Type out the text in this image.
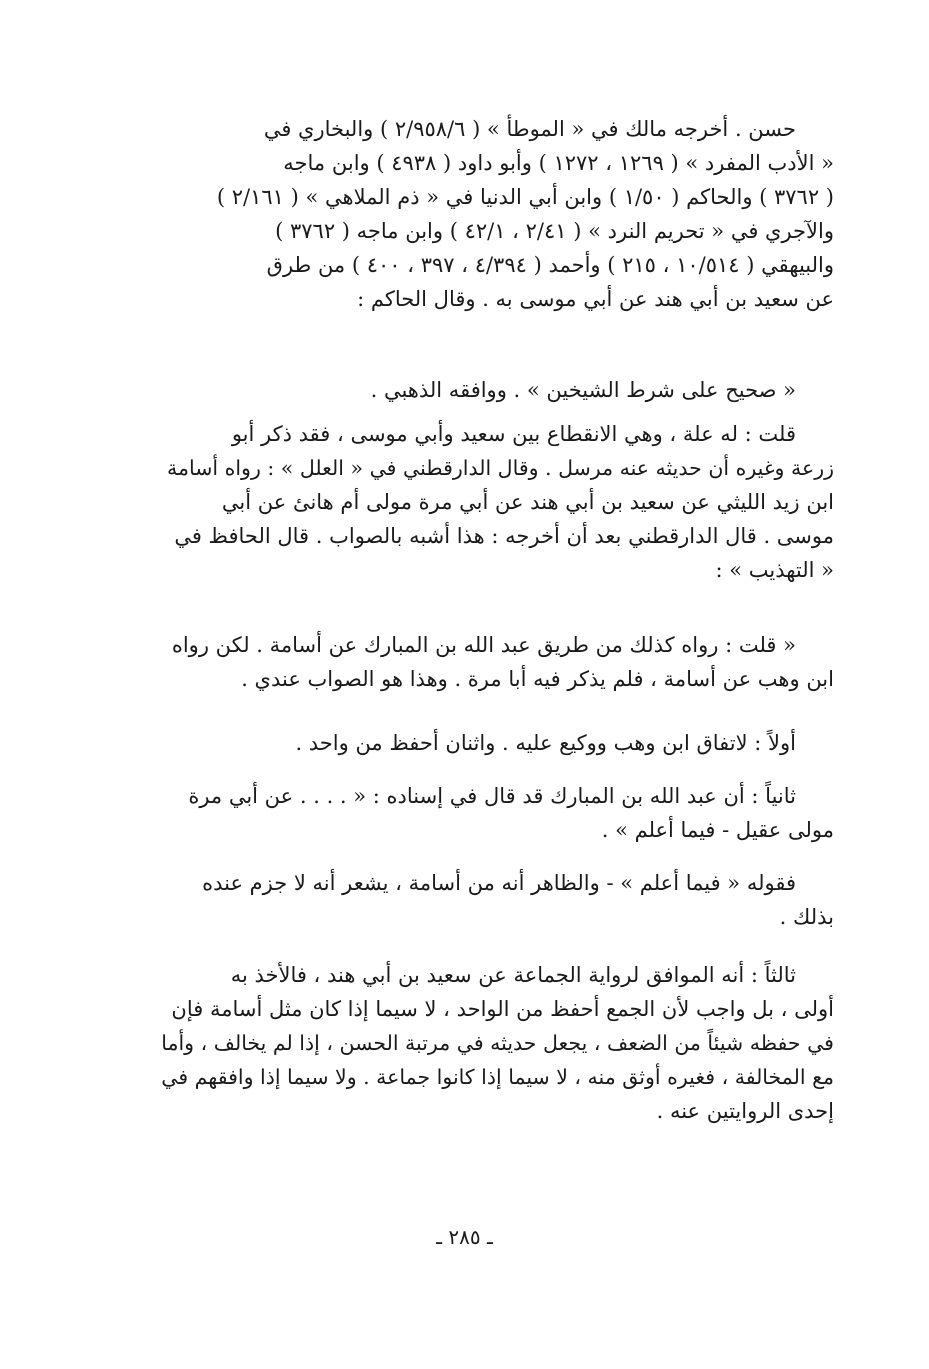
حسن . أخرجه مالك في « الموطأ » ( ٢/٩٥٨/٦ ) والبخاري في
« الأدب المفرد » ( ١٢٦٩ ، ١٢٧٢ ) وأبو داود ( ٤٩٣٨ ) وابن ماجه
( ٣٧٦٢ ) والحاكم ( ١/٥٠ ) وابن أبي الدنيا في « ذم الملاهي » ( ٢/١٦١ )
والآجري في « تحريم النرد » ( ٢/٤١ ، ٤٢/١ ) وابن ماجه ( ٣٧٦٢ )
والبيهقي ( ١٠/٥١٤ ، ٢١٥ ) وأحمد ( ٤/٣٩٤ ، ٣٩٧ ، ٤٠٠ ) من طرق
عن سعيد بن أبي هند عن أبي موسى به . وقال الحاكم :

« صحيح على شرط الشيخين » . ووافقه الذهبي .

قلت : له علة ، وهي الانقطاع بين سعيد وأبي موسى ، فقد ذكر أبو
زرعة وغيره أن حديثه عنه مرسل . وقال الدارقطني في « العلل » : رواه أسامة
ابن زيد الليثي عن سعيد بن أبي هند عن أبي مرة مولى أم هانئ عن أبي
موسى . قال الدارقطني بعد أن أخرجه : هذا أشبه بالصواب . قال الحافظ في
« التهذيب » :

« قلت : رواه كذلك من طريق عبد الله بن المبارك عن أسامة . لكن رواه
ابن وهب عن أسامة ، فلم يذكر فيه أبا مرة . وهذا هو الصواب عندي .

أولاً : لاتفاق ابن وهب ووكيع عليه . واثنان أحفظ من واحد .

ثانياً : أن عبد الله بن المبارك قد قال في إسناده : « . . . . عن أبي مرة
مولى عقيل - فيما أعلم » .

فقوله « فيما أعلم » - والظاهر أنه من أسامة ، يشعر أنه لا جزم عنده
بذلك .

ثالثاً : أنه الموافق لرواية الجماعة عن سعيد بن أبي هند ، فالأخذ به
أولى ، بل واجب لأن الجمع أحفظ من الواحد ، لا سيما إذا كان مثل أسامة فإن
في حفظه شيئاً من الضعف ، يجعل حديثه في مرتبة الحسن ، إذا لم يخالف ، وأما
مع المخالفة ، فغيره أوثق منه ، لا سيما إذا كانوا جماعة . ولا سيما إذا وافقهم في
إحدى الروايتين عنه .

ـ ٢٨٥ ـ
